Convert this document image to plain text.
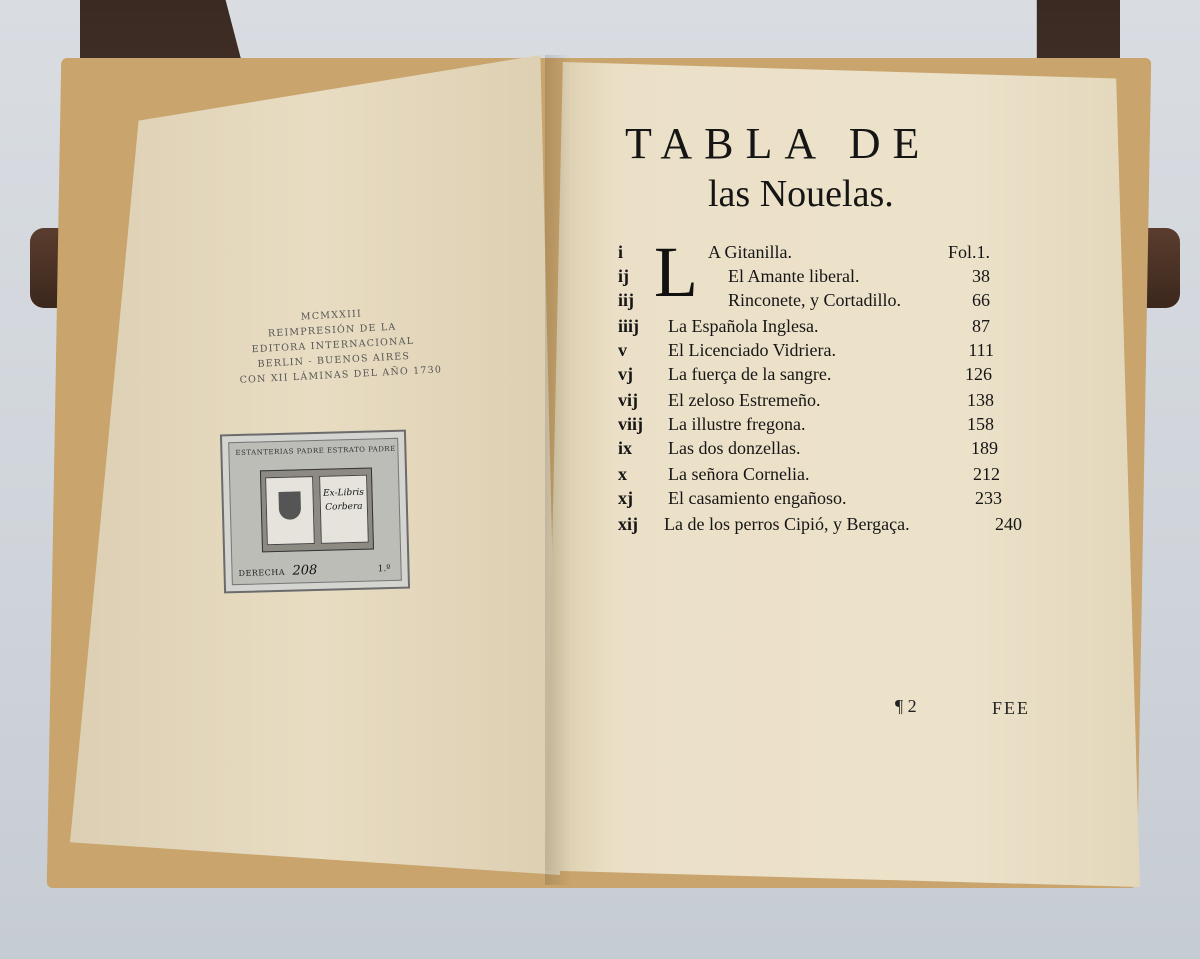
MCMXXIII
REIMPRESIÓN DE LA
EDITORA INTERNACIONAL
BERLIN - BUENOS AIRES
CON XII LÁMINAS DEL AÑO 1730
ESTANTERIAS PADRE ESTRATO PADRE
Ex-Libris
Corbera
DERECHA 208	1.º
TABLA DE
las Nouelas.
L
i	A Gitanilla.	Fol.1.
ij	El Amante liberal.	38
iij	Rinconete, y Cortadillo.	66
iiij	La Española Inglesa.	87
v	El Licenciado Vidriera.	111
vj	La fuerça de la sangre.	126
vij	El zeloso Estremeño.	138
viij	La illustre fregona.	158
ix	Las dos donzellas.	189
x	La señora Cornelia.	212
xj	El casamiento engañoso.	233
xij	La de los perros Cipió, y Bergaça.	240
¶ 2	FEE
